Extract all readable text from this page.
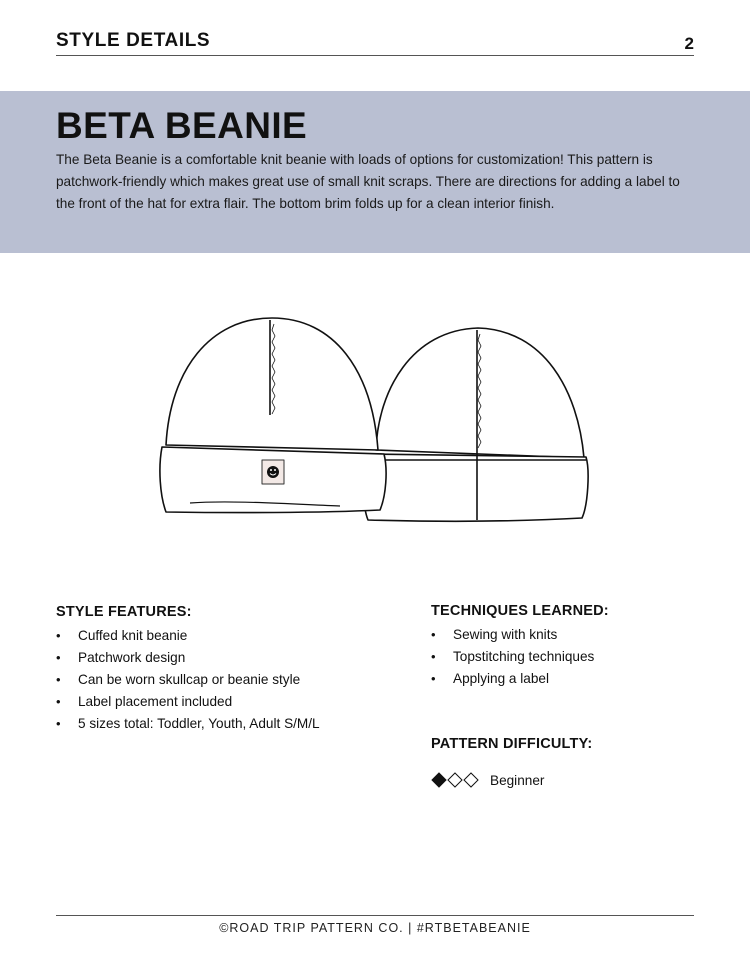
STYLE DETAILS	2
BETA BEANIE

The Beta Beanie is a comfortable knit beanie with loads of options for customization! This pattern is patchwork-friendly which makes great use of small knit scraps. There are directions for adding a label to the front of the hat for extra flair. The bottom brim folds up for a clean interior finish.

STYLE FEATURES:
• Cuffed knit beanie
• Patchwork design
• Can be worn skullcap or beanie style
• Label placement included
• 5 sizes total: Toddler, Youth, Adult S/M/L
TECHNIQUES LEARNED:
• Sewing with knits
• Topstitching techniques
• Applying a label
PATTERN DIFFICULTY:
Beginner
©ROAD TRIP PATTERN CO. | #RTBETABEANIE
